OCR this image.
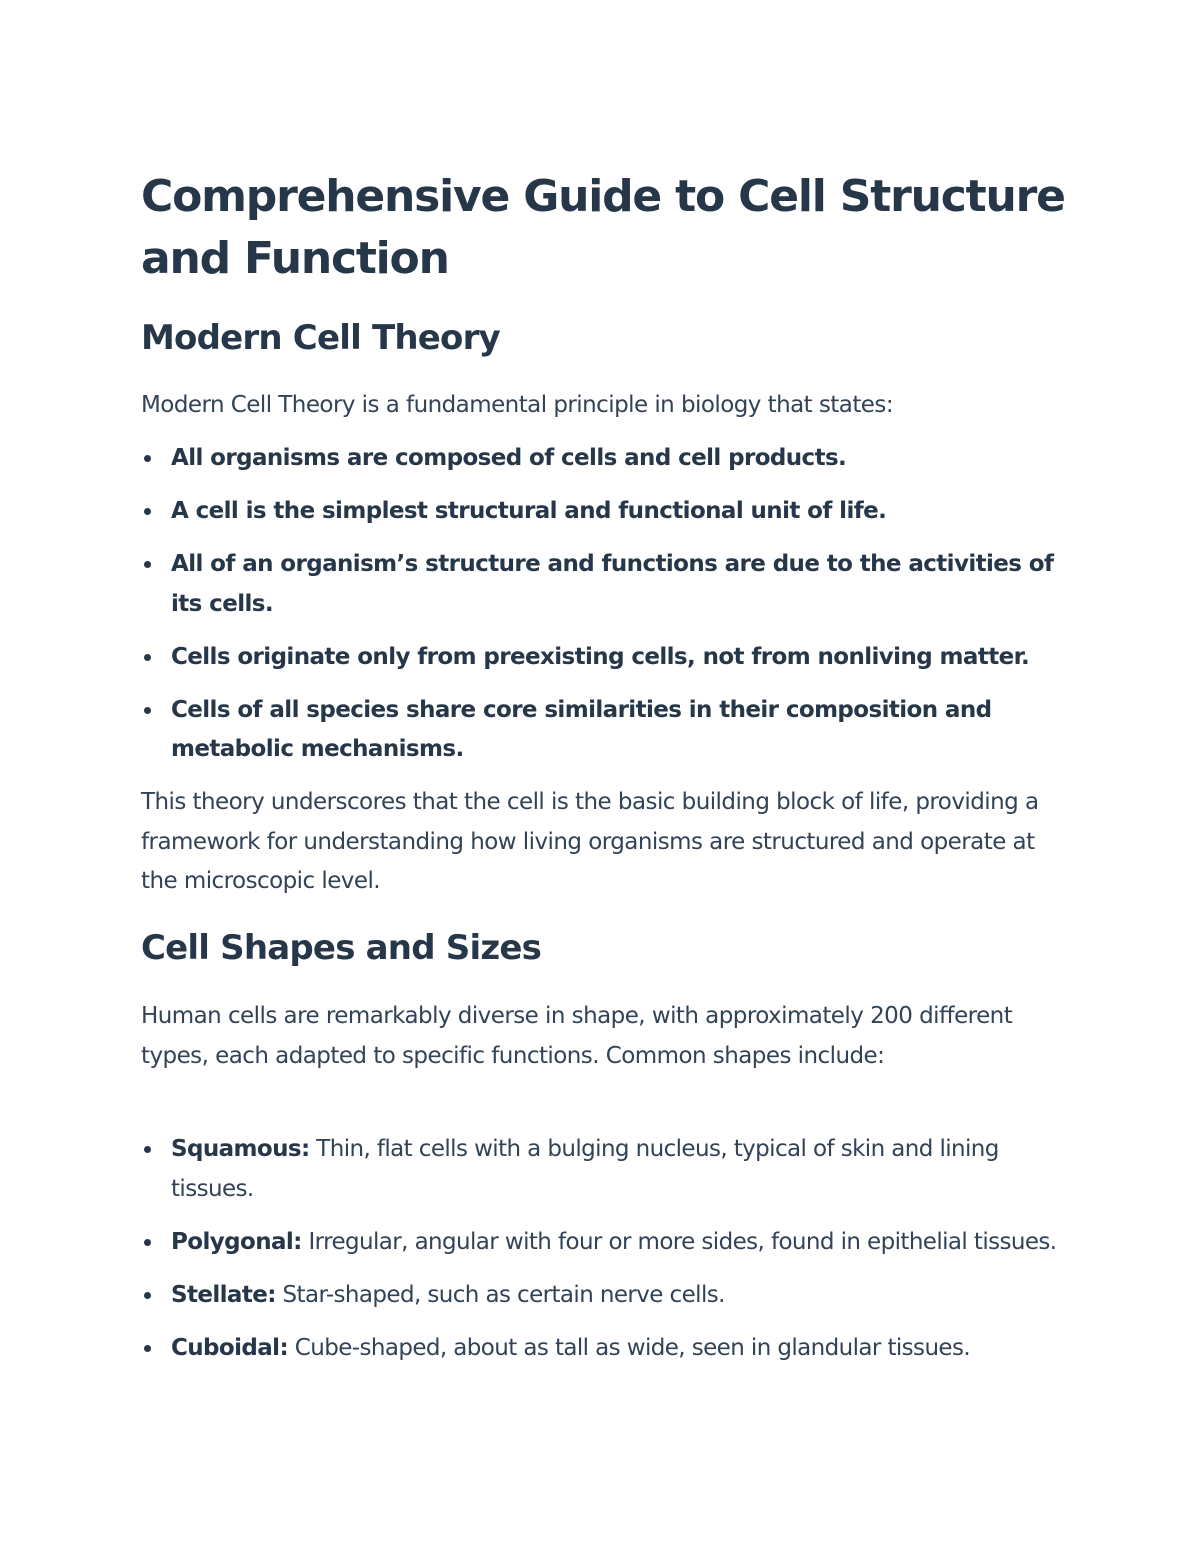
Comprehensive Guide to Cell Structure and Function
Modern Cell Theory

Modern Cell Theory is a fundamental principle in biology that states:

All organisms are composed of cells and cell products.
A cell is the simplest structural and functional unit of life.
All of an organism’s structure and functions are due to the activities of its cells.
Cells originate only from preexisting cells, not from nonliving matter.
Cells of all species share core similarities in their composition and metabolic mechanisms.

This theory underscores that the cell is the basic building block of life, providing a framework for understanding how living organisms are structured and operate at the microscopic level.

Cell Shapes and Sizes

Human cells are remarkably diverse in shape, with approximately 200 different types, each adapted to specific functions. Common shapes include:

Squamous: Thin, flat cells with a bulging nucleus, typical of skin and lining tissues.
Polygonal: Irregular, angular with four or more sides, found in epithelial tissues.
Stellate: Star-shaped, such as certain nerve cells.
Cuboidal: Cube-shaped, about as tall as wide, seen in glandular tissues.
